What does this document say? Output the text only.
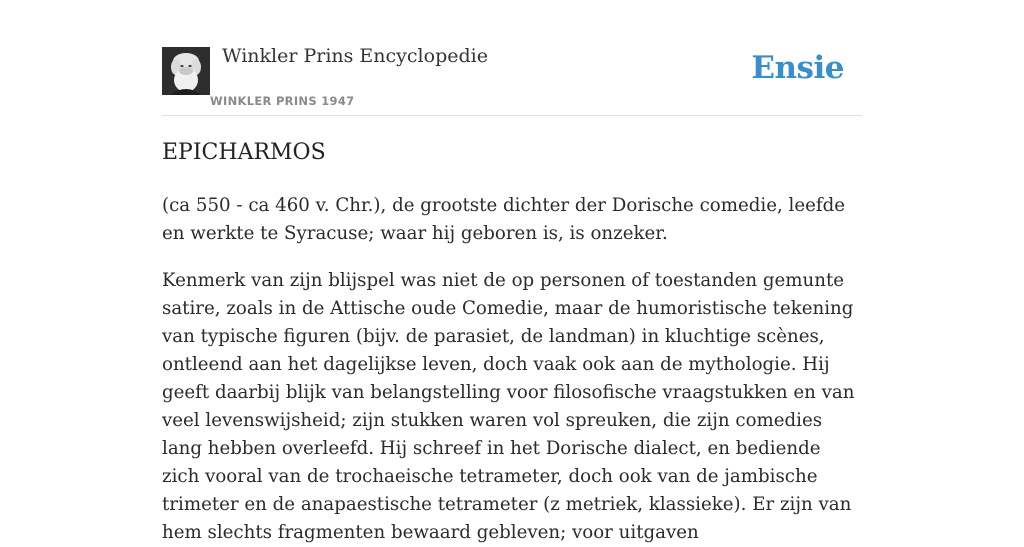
Winkler Prins Encyclopedie
WINKLER PRINS 1947
Ensie
EPICHARMOS

(ca 550 - ca 460 v. Chr.), de grootste dichter der Dorische comedie, leefde en werkte te Syracuse; waar hij geboren is, is onzeker.

Kenmerk van zijn blijspel was niet de op personen of toestanden gemunte satire, zoals in de Attische oude Comedie, maar de humoristische tekening van typische figuren (bijv. de parasiet, de landman) in kluchtige scènes, ontleend aan het dagelijkse leven, doch vaak ook aan de mythologie. Hij geeft daarbij blijk van belangstelling voor filosofische vraagstukken en van veel levenswijsheid; zijn stukken waren vol spreuken, die zijn comedies lang hebben overleefd. Hij schreef in het Dorische dialect, en bediende zich vooral van de trochaeische tetrameter, doch ook van de jambische trimeter en de anapaestische tetrameter (z metriek, klassieke). Er zijn van hem slechts fragmenten bewaard gebleven; voor uitgaven
